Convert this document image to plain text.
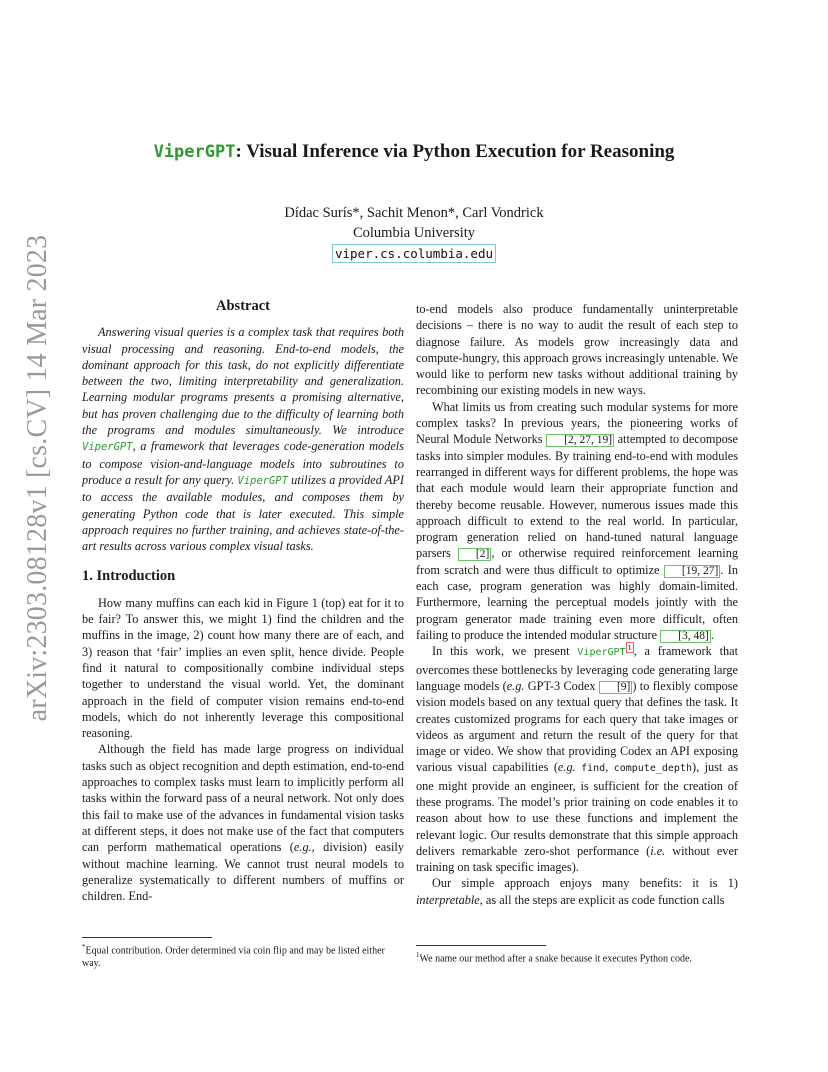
arXiv:2303.08128v1 [cs.CV] 14 Mar 2023
ViperGPT: Visual Inference via Python Execution for Reasoning
Dídac Surís*, Sachit Menon*, Carl Vondrick
Columbia University
viper.cs.columbia.edu
Abstract

Answering visual queries is a complex task that requires both visual processing and reasoning. End-to-end models, the dominant approach for this task, do not explicitly differentiate between the two, limiting interpretability and generalization. Learning modular programs presents a promising alternative, but has proven challenging due to the difficulty of learning both the programs and modules simultaneously. We introduce ViperGPT, a framework that leverages code-generation models to compose vision-and-language models into subroutines to produce a result for any query. ViperGPT utilizes a provided API to access the available modules, and composes them by generating Python code that is later executed. This simple approach requires no further training, and achieves state-of-the-art results across various complex visual tasks.

1. Introduction

How many muffins can each kid in Figure 1 (top) eat for it to be fair? To answer this, we might 1) find the children and the muffins in the image, 2) count how many there are of each, and 3) reason that ‘fair’ implies an even split, hence divide. People find it natural to compositionally combine individual steps together to understand the visual world. Yet, the dominant approach in the field of computer vision remains end-to-end models, which do not inherently leverage this compositional reasoning.

Although the field has made large progress on individual tasks such as object recognition and depth estimation, end-to-end approaches to complex tasks must learn to implicitly perform all tasks within the forward pass of a neural network. Not only does this fail to make use of the advances in fundamental vision tasks at different steps, it does not make use of the fact that computers can perform mathematical operations (e.g., division) easily without machine learning. We cannot trust neural models to generalize systematically to different numbers of muffins or children. End-

to-end models also produce fundamentally uninterpretable decisions – there is no way to audit the result of each step to diagnose failure. As models grow increasingly data and compute-hungry, this approach grows increasingly untenable. We would like to perform new tasks without additional training by recombining our existing models in new ways.

What limits us from creating such modular systems for more complex tasks? In previous years, the pioneering works of Neural Module Networks [2, 27, 19] attempted to decompose tasks into simpler modules. By training end-to-end with modules rearranged in different ways for different problems, the hope was that each module would learn their appropriate function and thereby become reusable. However, numerous issues made this approach difficult to extend to the real world. In particular, program generation relied on hand-tuned natural language parsers [2] , or otherwise required reinforcement learning from scratch and were thus difficult to optimize [19, 27] . In each case, program generation was highly domain-limited. Furthermore, learning the perceptual models jointly with the program generator made training even more difficult, often failing to produce the intended modular structure [3, 48] .

In this work, we present ViperGPT $^1$ , a framework that overcomes these bottlenecks by leveraging code generating large language models (e.g. GPT-3 Codex [9] ) to flexibly compose vision models based on any textual query that defines the task. It creates customized programs for each query that take images or videos as argument and return the result of the query for that image or video. We show that providing Codex an API exposing various visual capabilities (e.g. find, compute_depth), just as one might provide an engineer, is sufficient for the creation of these programs. The model’s prior training on code enables it to reason about how to use these functions and implement the relevant logic. Our results demonstrate that this simple approach delivers remarkable zero-shot performance (i.e. without ever training on task specific images).

Our simple approach enjoys many benefits: it is 1) interpretable, as all the steps are explicit as code function calls

*Equal contribution. Order determined via coin flip and may be listed either way.
$^1$We name our method after a snake because it executes Python code.
